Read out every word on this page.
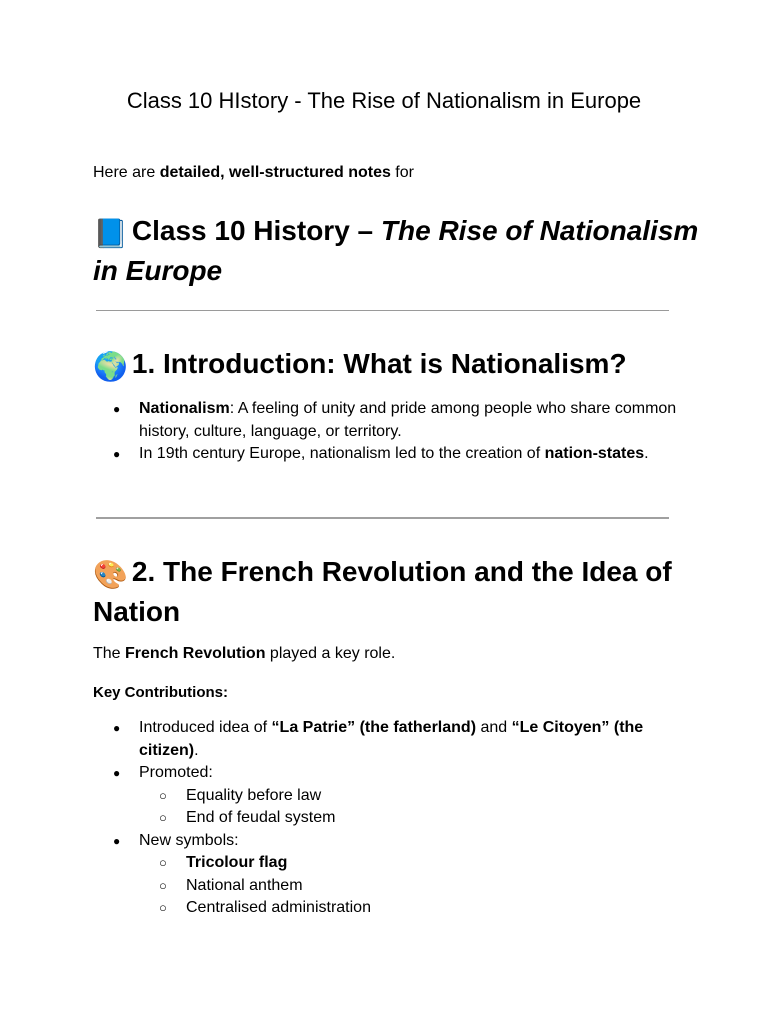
Class 10 HIstory - The Rise of Nationalism in Europe
Here are detailed, well-structured notes for
📘 Class 10 History – The Rise of Nationalism in Europe
🌍 1. Introduction: What is Nationalism?
● Nationalism: A feeling of unity and pride among people who share common history, culture, language, or territory.
● In 19th century Europe, nationalism led to the creation of nation-states.
🎨 2. The French Revolution and the Idea of Nation
The French Revolution played a key role.
Key Contributions:
● Introduced idea of “La Patrie” (the fatherland) and “Le Citoyen” (the citizen).
● Promoted:
○ Equality before law
○ End of feudal system
● New symbols:
○ Tricolour flag
○ National anthem
○ Centralised administration
